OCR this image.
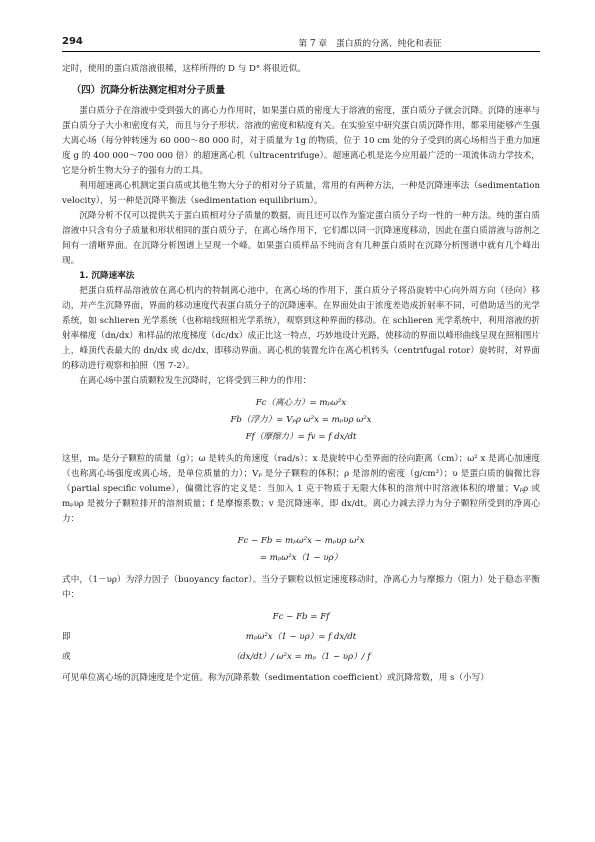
294	第 7 章　蛋白质的分离、纯化和表征

定时，使用的蛋白质溶液很稀，这样所得的 D 与 D° 将很近似。

（四）沉降分析法测定相对分子质量

蛋白质分子在溶液中受到强大的离心力作用时，如果蛋白质的密度大于溶液的密度，蛋白质分子就会沉降。沉降的速率与蛋白质分子大小和密度有关，而且与分子形状、溶液的密度和粘度有关。在实验室中研究蛋白质沉降作用，都采用能够产生强大离心场（每分钟转速为 60 000～80 000 时，对于质量为 1g 的物质，位于 10 cm 处的分子受到的离心场相当于重力加速度 g 的 400 000～700 000 倍）的超速离心机（ultracentrifuge）。超速离心机是迄今应用最广泛的一项流体动力学技术，它是分析生物大分子的强有力的工具。

利用超速离心机测定蛋白质或其他生物大分子的相对分子质量，常用的有两种方法，一种是沉降速率法（sedimentation velocity），另一种是沉降平衡法（sedimentation equilibrium）。

沉降分析不仅可以提供关于蛋白质相对分子质量的数据，而且还可以作为鉴定蛋白质分子均一性的一种方法。纯的蛋白质溶液中只含有分子质量和形状相同的蛋白质分子，在离心场作用下，它们都以同一沉降速度移动，因此在蛋白质溶液与溶剂之间有一清晰界面。在沉降分析图谱上呈现一个峰。如果蛋白质样品不纯而含有几种蛋白质时在沉降分析图谱中就有几个峰出现。

1. 沉降速率法

把蛋白质样品溶液放在离心机内的特制离心池中，在离心场的作用下，蛋白质分子将沿旋转中心向外周方向（径向）移动，并产生沉降界面，界面的移动速度代表蛋白质分子的沉降速率。在界面处由于浓度差造成折射率不同，可借助适当的光学系统，如 schlieren 光学系统（也称暗线照相光学系统），观察到这种界面的移动。在 schlieren 光学系统中，利用溶液的折射率梯度（dn/dx）和样品的浓度梯度（dc/dx）成正比这一特点，巧妙地设计光路，使移动的界面以峰形曲线呈现在照相图片上，峰顶代表最大的 dn/dx 或 dc/dx，即移动界面。离心机的装置允许在离心机转头（centrifugal rotor）旋转时，对界面的移动进行观察和拍照（图 7-2）。

在离心场中蛋白质颗粒发生沉降时，它将受到三种力的作用：

Fc（离心力）= mₚω²x
Fb（浮力）= Vₚρ ω²x = mₚυρ ω²x
Ff（摩擦力）= fv = f dx/dt

这里，mₚ 是分子颗粒的质量（g）；ω 是转头的角速度（rad/s）；x 是旋转中心至界面的径向距离（cm）；ω² x 是离心加速度（也称离心场强度或离心场，是单位质量的力）；Vₚ 是分子颗粒的体积；ρ 是溶剂的密度（g/cm³）；υ 是蛋白质的偏微比容（partial specific volume），偏微比容的定义是：当加入 1 克干物质于无限大体积的溶剂中时溶液体积的增量；Vₚρ 或 mₚυρ 是被分子颗粒排开的溶剂质量；f 是摩擦系数；v 是沉降速率，即 dx/dt。离心力减去浮力为分子颗粒所受到的净离心力：

Fc − Fb = mₚω²x − mₚυρ ω²x
= mₚω²x（1 − υρ）

式中，（1－υρ）为浮力因子（buoyancy factor）。当分子颗粒以恒定速度移动时，净离心力与摩擦力（阻力）处于稳态平衡中：

Fc − Fb = Ff
即	mₚω²x（1 − υρ）= f dx/dt
或	（dx/dt）/ ω²x = mₚ（1 − υρ）/ f

可见单位离心场的沉降速度是个定值。称为沉降系数（sedimentation coefficient）或沉降常数，用 s（小写）
